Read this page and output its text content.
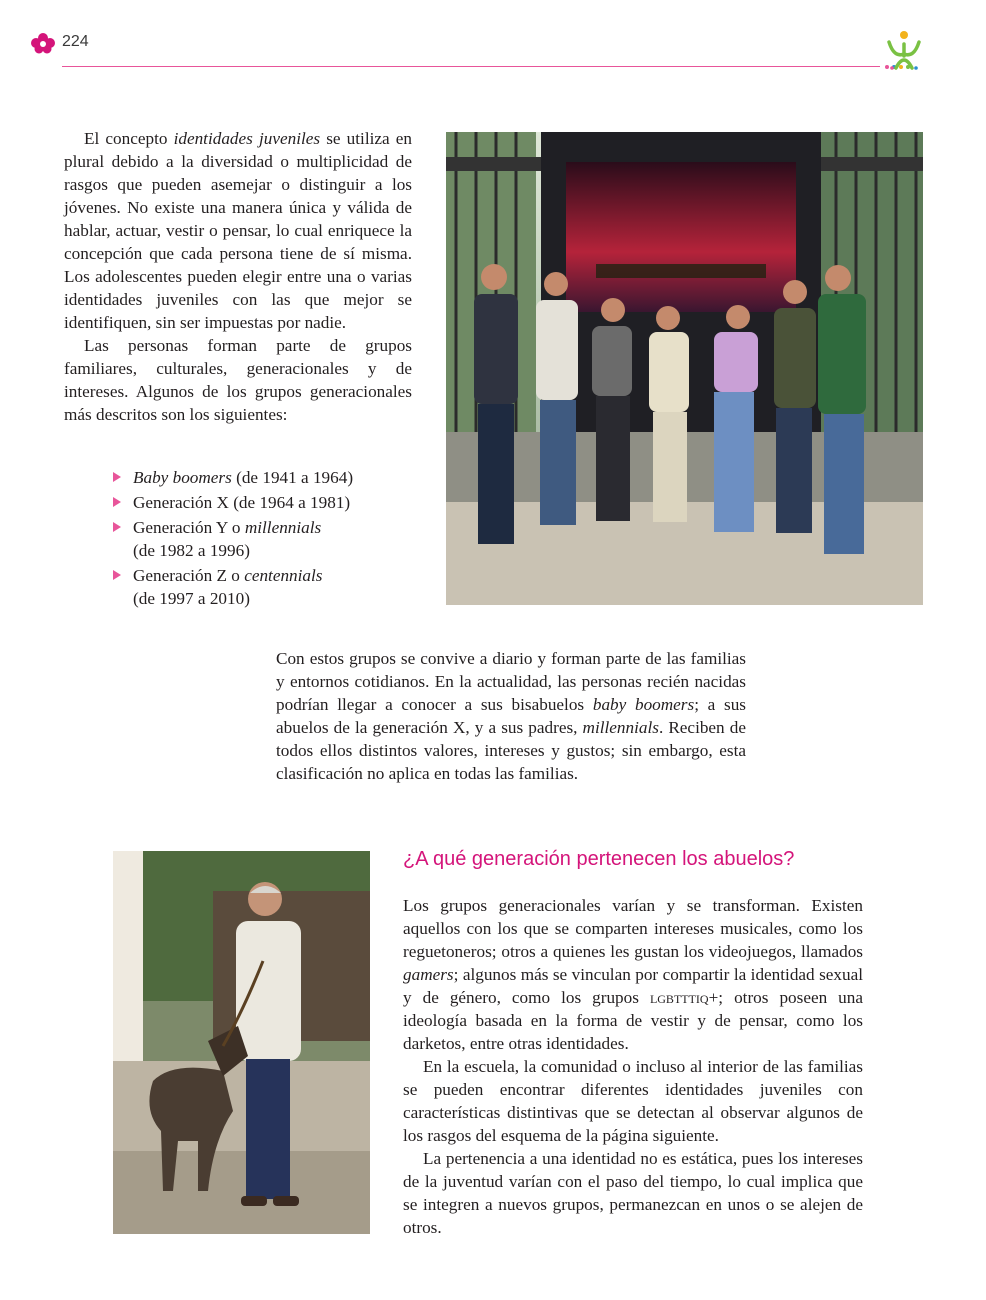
224

El concepto identidades juveniles se utiliza en plural debido a la diversidad o multiplicidad de rasgos que pueden asemejar o distinguir a los jóvenes. No existe una manera única y válida de hablar, actuar, vestir o pensar, lo cual enriquece la concepción que cada persona tiene de sí misma. Los adolescentes pueden elegir entre una o varias identidades juveniles con las que mejor se identifiquen, sin ser impuestas por nadie.

Las personas forman parte de grupos familiares, culturales, generacionales y de intereses. Algunos de los grupos generacionales más descritos son los siguientes:

Baby boomers (de 1941 a 1964)
Generación X (de 1964 a 1981)
Generación Y o millennials
(de 1982 a 1996)
Generación Z o centennials
(de 1997 a 2010)

Con estos grupos se convive a diario y forman parte de las familias y entornos cotidianos. En la actualidad, las personas recién nacidas podrían llegar a conocer a sus bisabuelos baby boomers; a sus abuelos de la generación X, y a sus padres, millennials. Reciben de todos ellos distintos valores, intereses y gustos; sin embargo, esta clasificación no aplica en todas las familias.

¿A qué generación pertenecen los abuelos?

Los grupos generacionales varían y se transforman. Existen aquellos con los que se comparten intereses musicales, como los reguetoneros; otros a quienes les gustan los videojuegos, llamados gamers; algunos más se vinculan por compartir la identidad sexual y de género, como los grupos lgbtttiq+; otros poseen una ideología basada en la forma de vestir y de pensar, como los darketos, entre otras identidades.

En la escuela, la comunidad o incluso al interior de las familias se pueden encontrar diferentes identidades juveniles con características distintivas que se detectan al observar algunos de los rasgos del esquema de la página siguiente.

La pertenencia a una identidad no es estática, pues los intereses de la juventud varían con el paso del tiempo, lo cual implica que se integren a nuevos grupos, permanezcan en unos o se alejen de otros.
